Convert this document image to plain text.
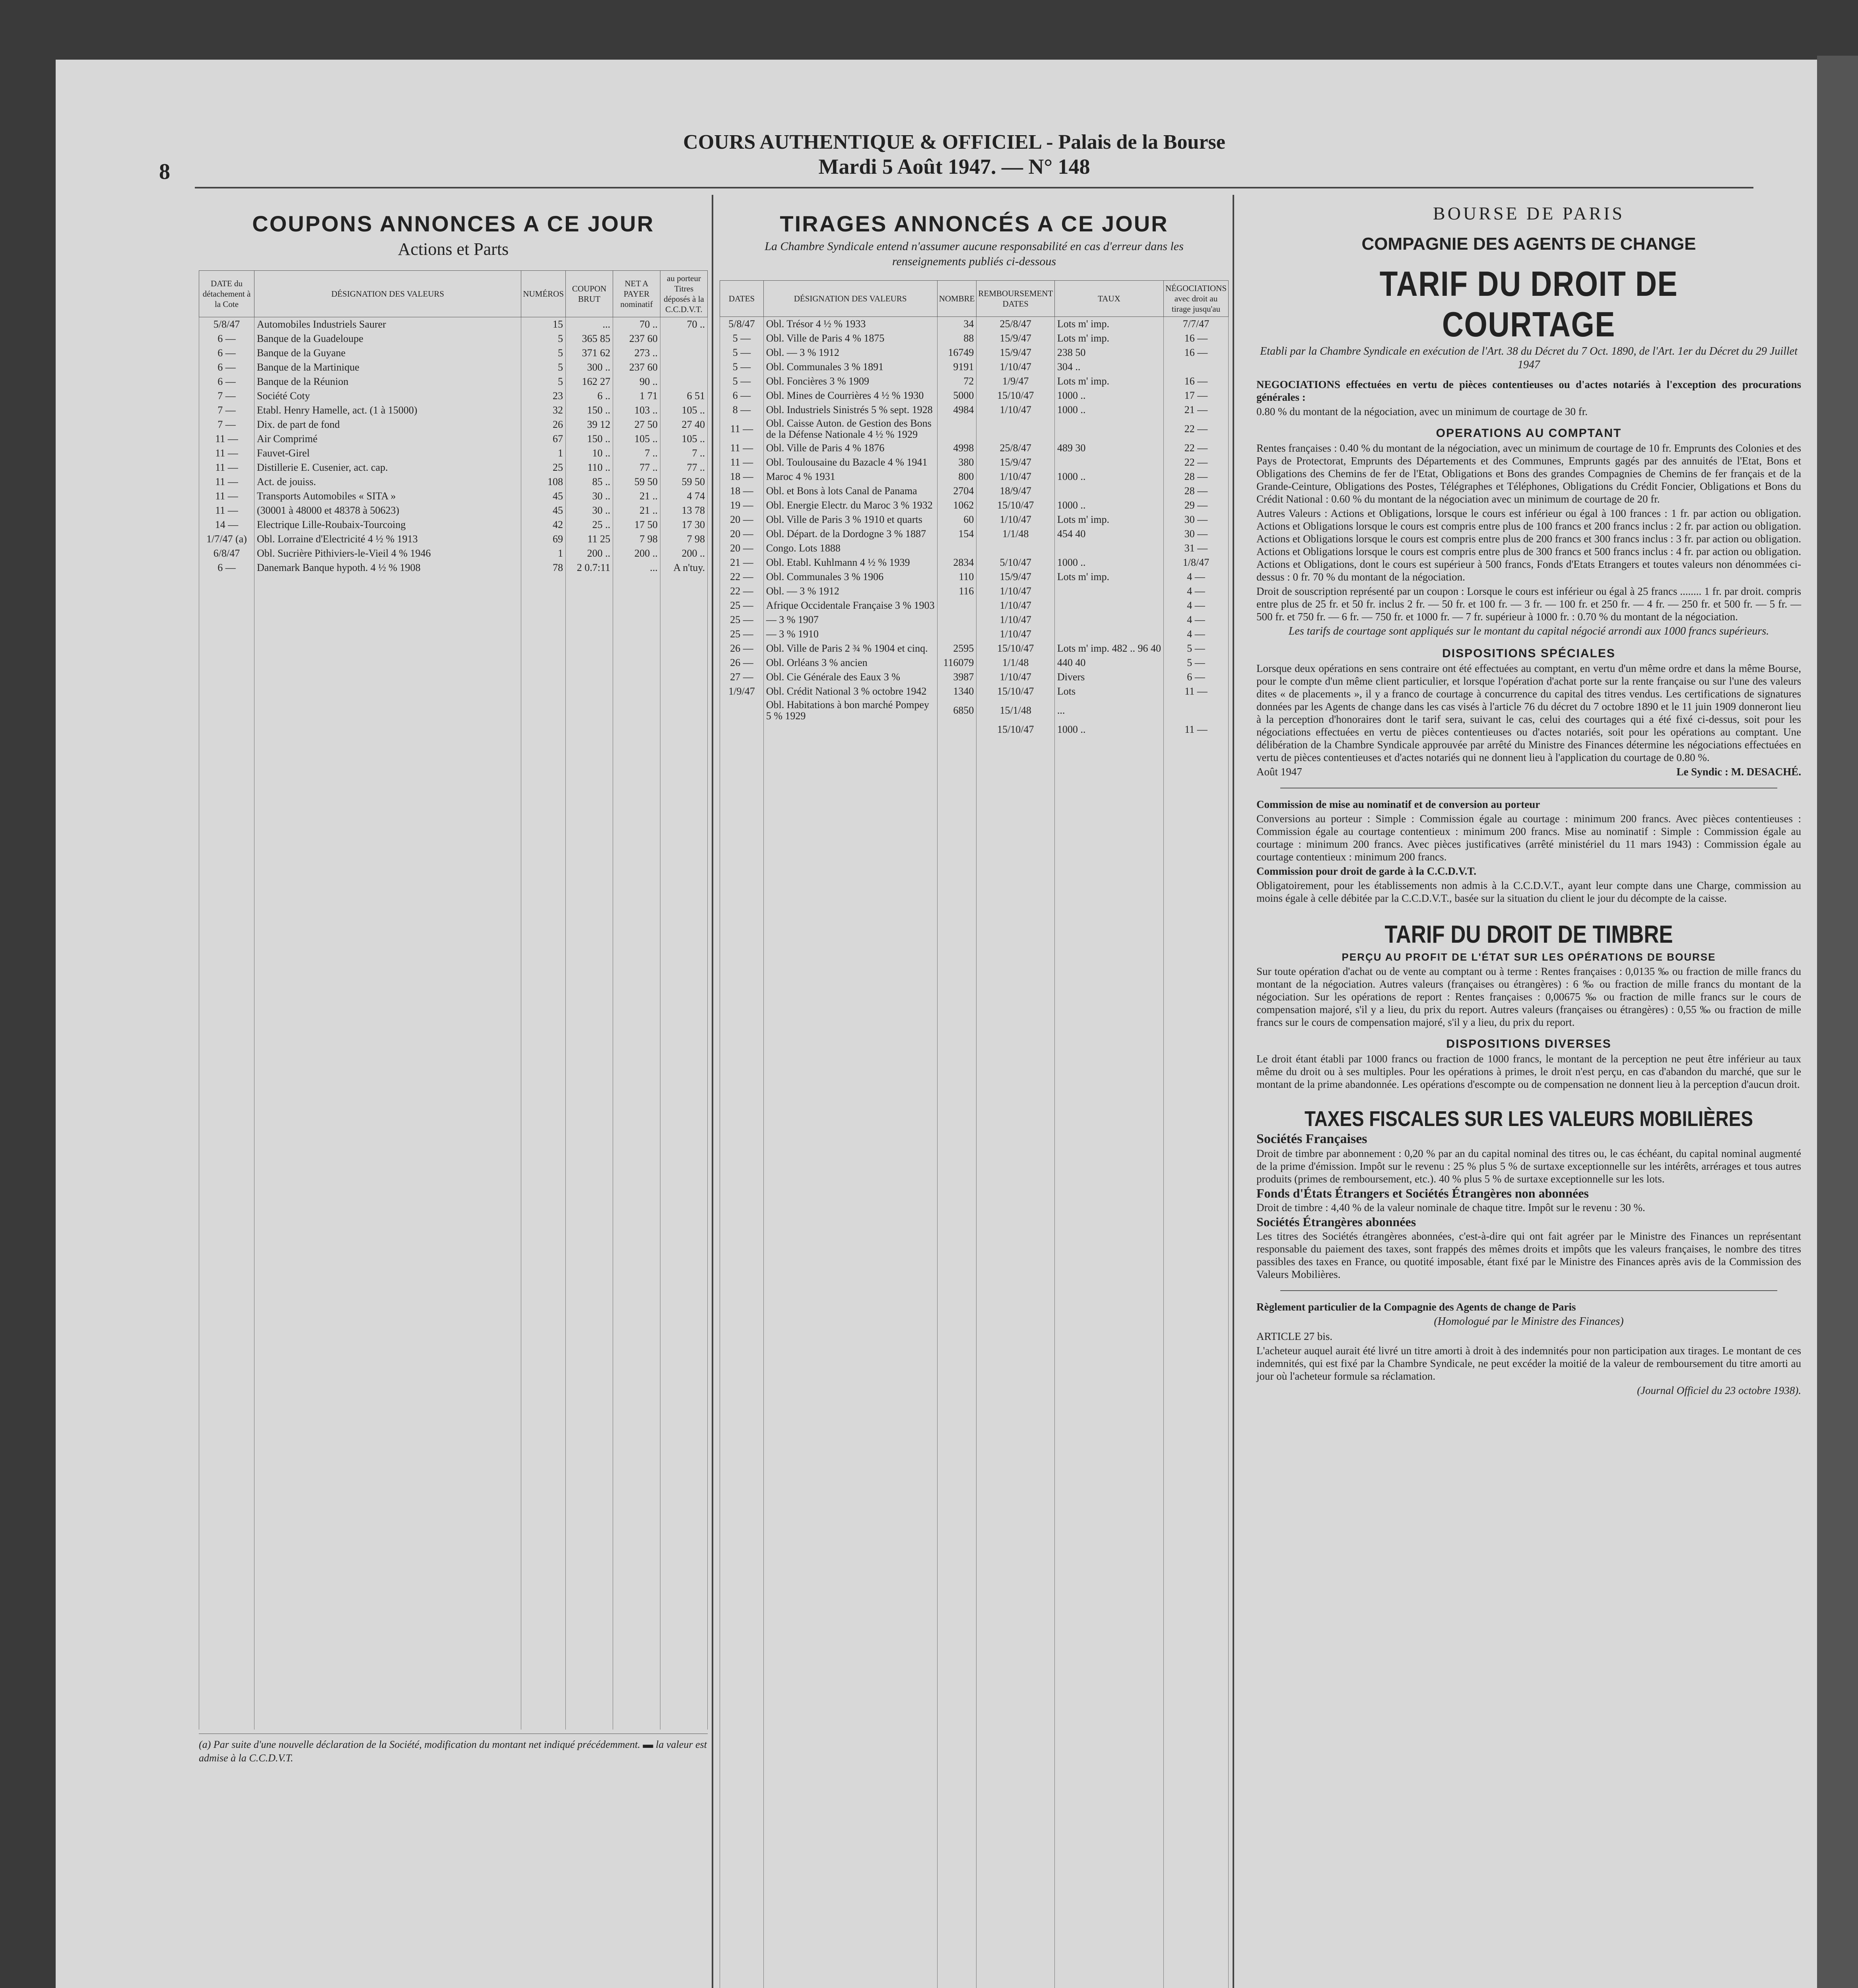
8
COURS AUTHENTIQUE & OFFICIEL - Palais de la Bourse
Mardi 5 Août 1947. — N° 148
COUPONS ANNONCES A CE JOUR
Actions et Parts
DATE du détachement à la Cote	DÉSIGNATION DES VALEURS	NUMÉROS	COUPON BRUT	NET A PAYER nominatif	au porteur Titres déposés à la C.C.D.V.T.
5/8/47	Automobiles Industriels Saurer	15	...	70 ..	70 ..
6 —	Banque de la Guadeloupe	5	365 85	237 60	
6 —	Banque de la Guyane	5	371 62	273 ..	
6 —	Banque de la Martinique	5	300 ..	237 60	
6 —	Banque de la Réunion	5	162 27	90 ..	
7 —	Société Coty	23	6 ..	1 71	6 51
7 —	Etabl. Henry Hamelle, act. (1 à 15000)	32	150 ..	103 ..	105 ..
7 —	Dix. de part de fond	26	39 12	27 50	27 40
11 —	Air Comprimé	67	150 ..	105 ..	105 ..
11 —	Fauvet-Girel	1	10 ..	7 ..	7 ..
11 —	Distillerie E. Cusenier, act. cap.	25	110 ..	77 ..	77 ..
11 —	Act. de jouiss.	108	85 ..	59 50	59 50
11 —	Transports Automobiles « SITA »	45	30 ..	21 ..	4 74
11 —	(30001 à 48000 et 48378 à 50623)	45	30 ..	21 ..	13 78
14 —	Electrique Lille-Roubaix-Tourcoing	42	25 ..	17 50	17 30
1/7/47 (a)	Obl. Lorraine d'Electricité 4 ½ % 1913	69	11 25	7 98	7 98
6/8/47	Obl. Sucrière Pithiviers-le-Vieil 4 % 1946	1	200 ..	200 ..	200 ..
6 —	Danemark Banque hypoth. 4 ½ % 1908	78	2 0.7:11	...	A n'tuy.

(a) Par suite d'une nouvelle déclaration de la Société, modification du montant net indiqué précédemment. ▬ la valeur est admise à la C.C.D.V.T.
TIRAGES ANNONCÉS A CE JOUR
La Chambre Syndicale entend n'assumer aucune responsabilité en cas d'erreur dans les renseignements publiés ci-dessous
DATES	DÉSIGNATION DES VALEURS	NOMBRE	REMBOURSEMENT DATES	TAUX	NÉGOCIATIONS avec droit au tirage jusqu'au
5/8/47	Obl. Trésor 4 ½ % 1933	34	25/8/47	Lots m' imp.	7/7/47
5 —	Obl. Ville de Paris 4 % 1875	88	15/9/47	Lots m' imp.	16 —
5 —	Obl. — 3 % 1912	16749	15/9/47	238 50	16 —
5 —	Obl. Communales 3 % 1891	9191	1/10/47	304 ..	
5 —	Obl. Foncières 3 % 1909	72	1/9/47	Lots m' imp.	16 —
6 —	Obl. Mines de Courrières 4 ½ % 1930	5000	15/10/47	1000 ..	17 —
8 —	Obl. Industriels Sinistrés 5 % sept. 1928	4984	1/10/47	1000 ..	21 —
11 —	Obl. Caisse Auton. de Gestion des Bons de la Défense Nationale 4 ½ % 1929				22 —
11 —	Obl. Ville de Paris 4 % 1876	4998	25/8/47	489 30	22 —
11 —	Obl. Toulousaine du Bazacle 4 % 1941	380	15/9/47		22 —
18 —	Maroc 4 % 1931	800	1/10/47	1000 ..	28 —
18 —	Obl. et Bons à lots Canal de Panama	2704	18/9/47		28 —
19 —	Obl. Energie Electr. du Maroc 3 % 1932	1062	15/10/47	1000 ..	29 —
20 —	Obl. Ville de Paris 3 % 1910 et quarts	60	1/10/47	Lots m' imp.	30 —
20 —	Obl. Départ. de la Dordogne 3 % 1887	154	1/1/48	454 40	30 —
20 —	Congo. Lots 1888				31 —
21 —	Obl. Etabl. Kuhlmann 4 ½ % 1939	2834	5/10/47	1000 ..	1/8/47
22 —	Obl. Communales 3 % 1906	110	15/9/47	Lots m' imp.	4 —
22 —	Obl. — 3 % 1912	116	1/10/47		4 —
25 —	Afrique Occidentale Française 3 % 1903		1/10/47		4 —
25 —	— 3 % 1907		1/10/47		4 —
25 —	— 3 % 1910		1/10/47		4 —
26 —	Obl. Ville de Paris 2 ¾ % 1904 et cinq.	2595	15/10/47	Lots m' imp. 482 .. 96 40	5 —
26 —	Obl. Orléans 3 % ancien	116079	1/1/48	440 40	5 —
27 —	Obl. Cie Générale des Eaux 3 %	3987	1/10/47	Divers	6 —
1/9/47	Obl. Crédit National 3 % octobre 1942	1340	15/10/47	Lots	11 —
	Obl. Habitations à bon marché Pompey 5 % 1929	6850	15/1/48	...	
			15/10/47	1000 ..	11 —

BOURSE DE PARIS
COMPAGNIE DES AGENTS DE CHANGE
TARIF DU DROIT DE COURTAGE
Etabli par la Chambre Syndicale en exécution de l'Art. 38 du Décret du 7 Oct. 1890, de l'Art. 1er du Décret du 29 Juillet 1947
NEGOCIATIONS effectuées en vertu de pièces contentieuses ou d'actes notariés à l'exception des procurations générales :
0.80 % du montant de la négociation, avec un minimum de courtage de 30 fr.
OPERATIONS AU COMPTANT
Rentes françaises : 0.40 % du montant de la négociation, avec un minimum de courtage de 10 fr. Emprunts des Colonies et des Pays de Protectorat, Emprunts des Départements et des Communes, Emprunts gagés par des annuités de l'Etat, Bons et Obligations des Chemins de fer de l'Etat, Obligations et Bons des grandes Compagnies de Chemins de fer français et de la Grande-Ceinture, Obligations des Postes, Télégraphes et Téléphones, Obligations du Crédit Foncier, Obligations et Bons du Crédit National : 0.60 % du montant de la négociation avec un minimum de courtage de 20 fr.
Autres Valeurs : Actions et Obligations, lorsque le cours est inférieur ou égal à 100 frances : 1 fr. par action ou obligation. Actions et Obligations lorsque le cours est compris entre plus de 100 francs et 200 francs inclus : 2 fr. par action ou obligation. Actions et Obligations lorsque le cours est compris entre plus de 200 francs et 300 francs inclus : 3 fr. par action ou obligation. Actions et Obligations lorsque le cours est compris entre plus de 300 francs et 500 francs inclus : 4 fr. par action ou obligation. Actions et Obligations, dont le cours est supérieur à 500 francs, Fonds d'Etats Etrangers et toutes valeurs non dénommées ci-dessus : 0 fr. 70 % du montant de la négociation.
Droit de souscription représenté par un coupon : Lorsque le cours est inférieur ou égal à 25 francs ........ 1 fr. par droit. compris entre plus de 25 fr. et 50 fr. inclus 2 fr. — 50 fr. et 100 fr. — 3 fr. — 100 fr. et 250 fr. — 4 fr. — 250 fr. et 500 fr. — 5 fr. — 500 fr. et 750 fr. — 6 fr. — 750 fr. et 1000 fr. — 7 fr. supérieur à 1000 fr. : 0.70 % du montant de la négociation.
Les tarifs de courtage sont appliqués sur le montant du capital négocié arrondi aux 1000 francs supérieurs.
DISPOSITIONS SPÉCIALES
Lorsque deux opérations en sens contraire ont été effectuées au comptant, en vertu d'un même ordre et dans la même Bourse, pour le compte d'un même client particulier, et lorsque l'opération d'achat porte sur la rente française ou sur l'une des valeurs dites « de placements », il y a franco de courtage à concurrence du capital des titres vendus. Les certifications de signatures données par les Agents de change dans les cas visés à l'article 76 du décret du 7 octobre 1890 et le 11 juin 1909 donneront lieu à la perception d'honoraires dont le tarif sera, suivant le cas, celui des courtages qui a été fixé ci-dessus, soit pour les négociations effectuées en vertu de pièces contentieuses ou d'actes notariés, soit pour les opérations au comptant. Une délibération de la Chambre Syndicale approuvée par arrêté du Ministre des Finances détermine les négociations effectuées en vertu de pièces contentieuses et d'actes notariés qui ne donnent lieu à l'application du courtage de 0.80 %.
Août 1947	Le Syndic : M. DESACHÉ.
Commission de mise au nominatif et de conversion au porteur
Conversions au porteur : Simple : Commission égale au courtage : minimum 200 francs. Avec pièces contentieuses : Commission égale au courtage contentieux : minimum 200 francs. Mise au nominatif : Simple : Commission égale au courtage : minimum 200 francs. Avec pièces justificatives (arrêté ministériel du 11 mars 1943) : Commission égale au courtage contentieux : minimum 200 francs.
Commission pour droit de garde à la C.C.D.V.T.
Obligatoirement, pour les établissements non admis à la C.C.D.V.T., ayant leur compte dans une Charge, commission au moins égale à celle débitée par la C.C.D.V.T., basée sur la situation du client le jour du décompte de la caisse.
TARIF DU DROIT DE TIMBRE
PERÇU AU PROFIT DE L'ÉTAT SUR LES OPÉRATIONS DE BOURSE
Sur toute opération d'achat ou de vente au comptant ou à terme : Rentes françaises : 0,0135 ‰ ou fraction de mille francs du montant de la négociation. Autres valeurs (françaises ou étrangères) : 6 ‰ ou fraction de mille francs du montant de la négociation. Sur les opérations de report : Rentes françaises : 0,00675 ‰ ou fraction de mille francs sur le cours de compensation majoré, s'il y a lieu, du prix du report. Autres valeurs (françaises ou étrangères) : 0,55 ‰ ou fraction de mille francs sur le cours de compensation majoré, s'il y a lieu, du prix du report.
DISPOSITIONS DIVERSES
Le droit étant établi par 1000 francs ou fraction de 1000 francs, le montant de la perception ne peut être inférieur au taux même du droit ou à ses multiples. Pour les opérations à primes, le droit n'est perçu, en cas d'abandon du marché, que sur le montant de la prime abandonnée. Les opérations d'escompte ou de compensation ne donnent lieu à la perception d'aucun droit.
TAXES FISCALES SUR LES VALEURS MOBILIÈRES
Sociétés Françaises
Droit de timbre par abonnement : 0,20 % par an du capital nominal des titres ou, le cas échéant, du capital nominal augmenté de la prime d'émission. Impôt sur le revenu : 25 % plus 5 % de surtaxe exceptionnelle sur les intérêts, arrérages et tous autres produits (primes de remboursement, etc.). 40 % plus 5 % de surtaxe exceptionnelle sur les lots.
Fonds d'États Étrangers et Sociétés Étrangères non abonnées
Droit de timbre : 4,40 % de la valeur nominale de chaque titre. Impôt sur le revenu : 30 %.
Sociétés Étrangères abonnées
Les titres des Sociétés étrangères abonnées, c'est-à-dire qui ont fait agréer par le Ministre des Finances un représentant responsable du paiement des taxes, sont frappés des mêmes droits et impôts que les valeurs françaises, le nombre des titres passibles des taxes en France, ou quotité imposable, étant fixé par le Ministre des Finances après avis de la Commission des Valeurs Mobilières.
Règlement particulier de la Compagnie des Agents de change de Paris
(Homologué par le Ministre des Finances)
ARTICLE 27 bis.
L'acheteur auquel aurait été livré un titre amorti à droit à des indemnités pour non participation aux tirages. Le montant de ces indemnités, qui est fixé par la Chambre Syndicale, ne peut excéder la moitié de la valeur de remboursement du titre amorti au jour où l'acheteur formule sa réclamation.
(Journal Officiel du 23 octobre 1938).
